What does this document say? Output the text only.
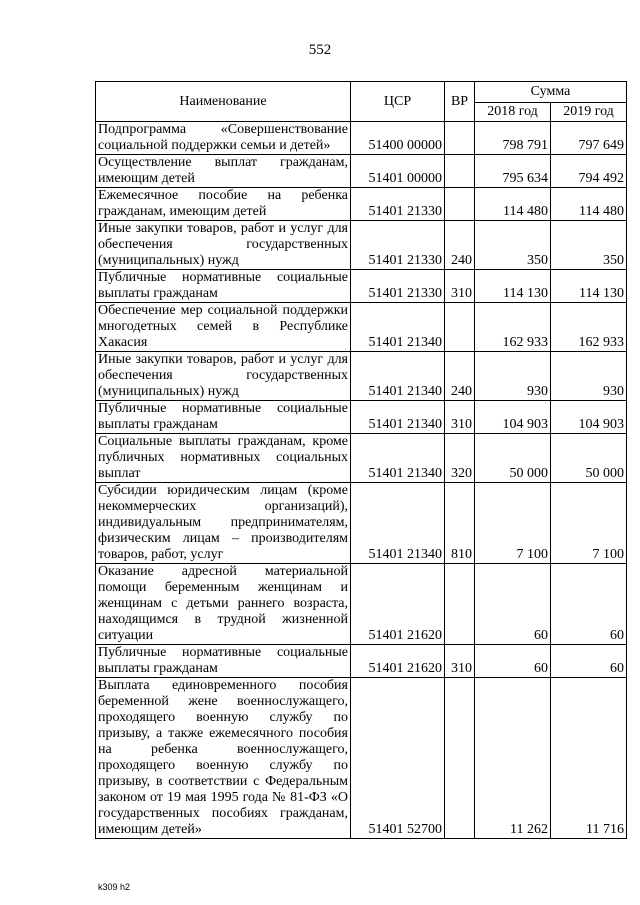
552
Наименование	ЦСР	ВР	Сумма	
			2018 год	2019 год
Подпрограмма «Совершенствование социальной поддержки семьи и детей»	51400 00000		798 791	797 649
Осуществление выплат гражданам, имеющим детей	51401 00000		795 634	794 492
Ежемесячное пособие на ребенка гражданам, имеющим детей	51401 21330		114 480	114 480
Иные закупки товаров, работ и услуг для обеспечения государственных (муниципальных) нужд	51401 21330	240	350	350
Публичные нормативные социальные выплаты гражданам	51401 21330	310	114 130	114 130
Обеспечение мер социальной поддержки многодетных семей в Республике Хакасия	51401 21340		162 933	162 933
Иные закупки товаров, работ и услуг для обеспечения государственных (муниципальных) нужд	51401 21340	240	930	930
Публичные нормативные социальные выплаты гражданам	51401 21340	310	104 903	104 903
Социальные выплаты гражданам, кроме публичных нормативных социальных выплат	51401 21340	320	50 000	50 000
Субсидии юридическим лицам (кроме некоммерческих организаций), индивидуальным предпринимателям, физическим лицам – производителям товаров, работ, услуг	51401 21340	810	7 100	7 100
Оказание адресной материальной помощи беременным женщинам и женщинам с детьми раннего возраста, находящимся в трудной жизненной ситуации	51401 21620		60	60
Публичные нормативные социальные выплаты гражданам	51401 21620	310	60	60
Выплата единовременного пособия беременной жене военнослужащего, проходящего военную службу по призыву, а также ежемесячного пособия на ребенка военнослужащего, проходящего военную службу по призыву, в соответствии с Федеральным законом от 19 мая 1995 года № 81-ФЗ «О государственных пособиях гражданам, имеющим детей»	51401 52700		11 262	11 716
k309 h2
